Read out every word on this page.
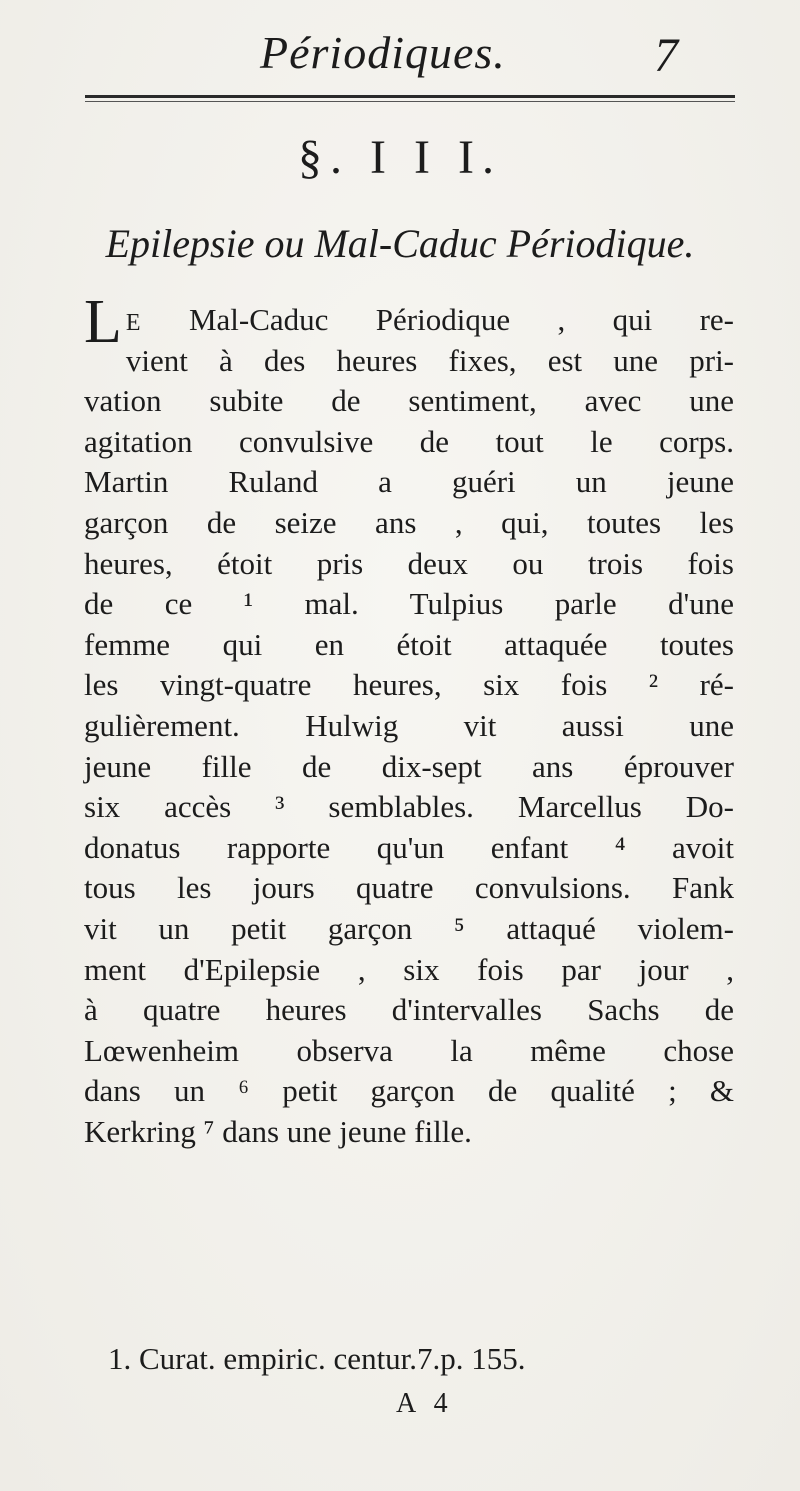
Périodiques.	7
§. I I I.
Epilepsie ou Mal-Caduc Périodique.
L E Mal-Caduc Périodique , qui re-
vient à des heures fixes, est une pri-
vation subite de sentiment, avec une
agitation convulsive de tout le corps.
Martin Ruland a guéri un jeune
garçon de seize ans , qui, toutes les
heures, étoit pris deux ou trois fois
de ce ¹ mal. Tulpius parle d'une
femme qui en étoit attaquée toutes
les vingt-quatre heures, six fois ² ré-
gulièrement. Hulwig vit aussi une
jeune fille de dix-sept ans éprouver
six accès ³ semblables. Marcellus Do-
donatus rapporte qu'un enfant ⁴ avoit
tous les jours quatre convulsions. Fank
vit un petit garçon ⁵ attaqué violem-
ment d'Epilepsie , six fois par jour ,
à quatre heures d'intervalles Sachs de
Lœwenheim observa la même chose
dans un ⁶ petit garçon de qualité ; &
Kerkring ⁷ dans une jeune fille.
1. Curat. empiric. centur.7.p. 155.
A 4
